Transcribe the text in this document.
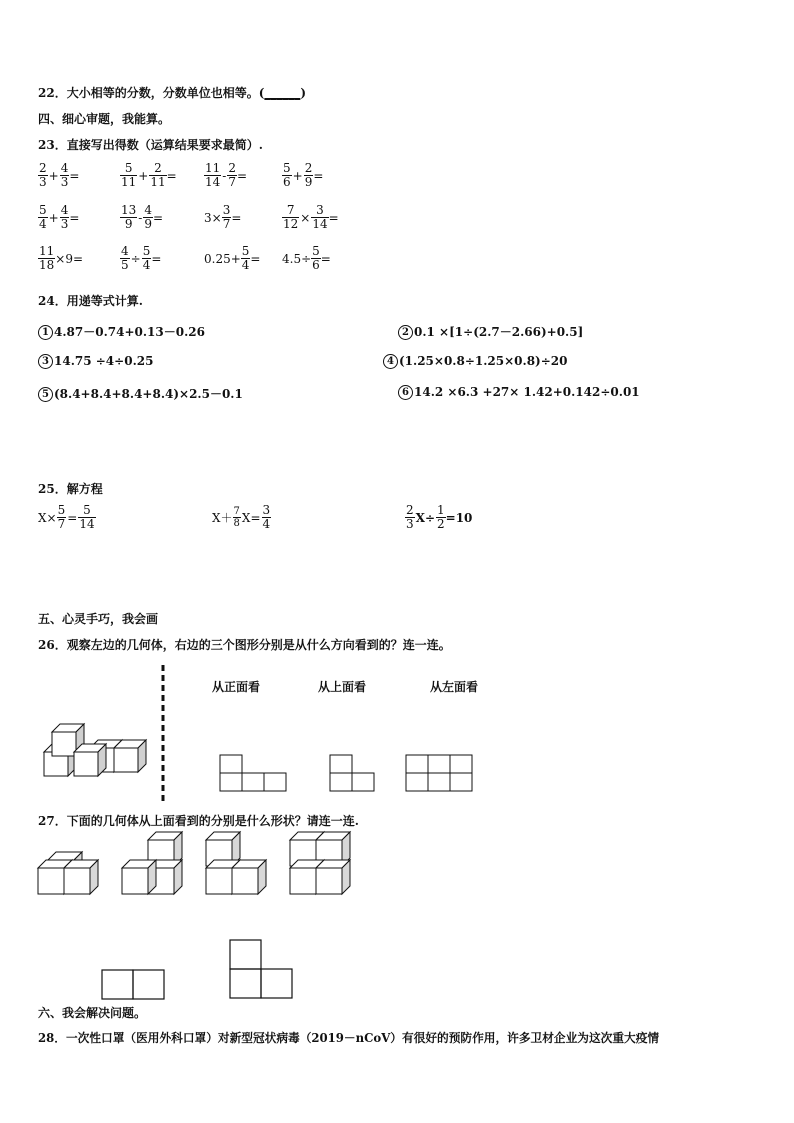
22．大小相等的分数，分数单位也相等。(______)
四、细心审题，我能算。
23．直接写出得数（运算结果要求最简）.
$\frac{2}{3} + \frac{4}{3}$ =	$\frac{5}{11} + \frac{2}{11} = \frac{11}{14} - \frac{2}{7}$ =	$\frac{5}{6} + \frac{2}{9}$ =
$\frac{5}{4} + \frac{4}{3}$ =	$\frac{13}{9} - \frac{4}{9}$ =	$3\times \frac{3}{7}$ =	$\frac{7}{12} \times \frac{3}{14}$ =
$\frac{11}{18} \times 9=$	$\frac{4}{5} \div \frac{5}{4}$ =	$0.25+ \frac{5}{4} = 4.5\div \frac{5}{6}$ =
24．用递等式计算.
1 4.87－0.74+0.13－0.26	2 0.1 ×[1÷(2.7－2.66)+0.5]
3 14.75 ÷4÷0.25	4 (1.25×0.8÷1.25×0.8)÷20
5 (8.4+8.4+8.4+8.4)×2.5－0.1	6 14.2 ×6.3 +27× 1.42+0.142÷0.01
25．解方程
$X\times \frac{5}{7} = \frac{5}{14}$	$X+ \frac{7}{8} X= \frac{3}{4}$	$\frac{2}{3} X\div \frac{1}{2} =10$
五、心灵手巧，我会画
26．观察左边的几何体，右边的三个图形分别是从什么方向看到的？连一连。
从正面看	从上面看	从左面看
27．下面的几何体从上面看到的分别是什么形状？请连一连.
六、我会解决问题。
28．一次性口罩（医用外科口罩）对新型冠状病毒（2019－nCoV）有很好的预防作用，许多卫材企业为这次重大疫情
